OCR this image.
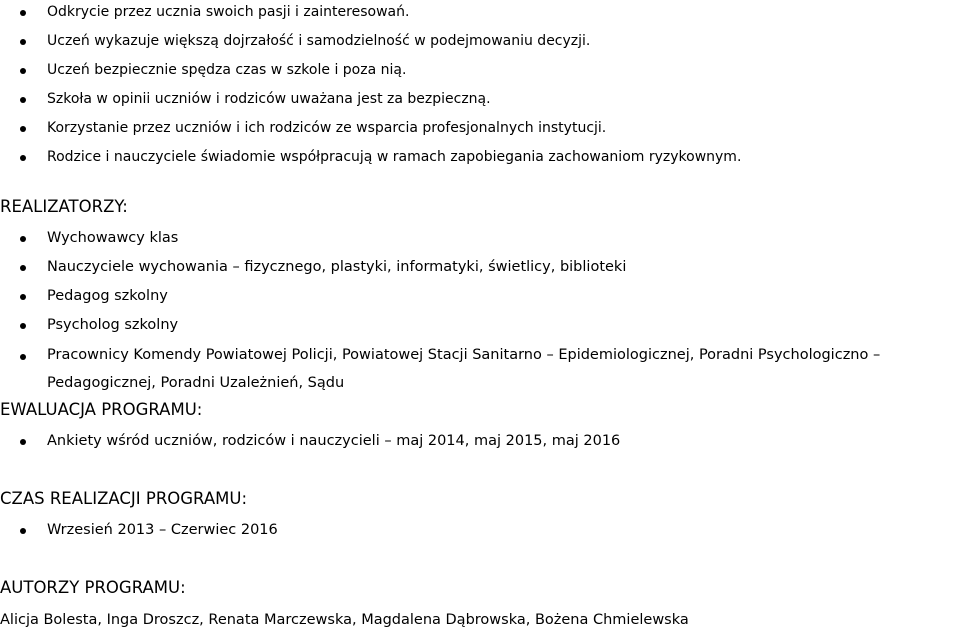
Odkrycie przez ucznia swoich pasji i zainteresowań.
Uczeń wykazuje większą dojrzałość i samodzielność w podejmowaniu decyzji.
Uczeń bezpiecznie spędza czas w szkole i poza nią.
Szkoła w opinii uczniów i rodziców uważana jest za bezpieczną.
Korzystanie przez uczniów i ich rodziców ze wsparcia profesjonalnych instytucji.
Rodzice i nauczyciele świadomie współpracują w ramach zapobiegania zachowaniom ryzykownym.
REALIZATORZY:
Wychowawcy klas
Nauczyciele wychowania – fizycznego, plastyki, informatyki, świetlicy, biblioteki
Pedagog szkolny
Psycholog szkolny
Pracownicy Komendy Powiatowej Policji, Powiatowej Stacji Sanitarno – Epidemiologicznej, Poradni Psychologiczno – Pedagogicznej, Poradni Uzależnień, Sądu
EWALUACJA PROGRAMU:
Ankiety wśród uczniów, rodziców i nauczycieli – maj 2014, maj 2015, maj 2016
CZAS REALIZACJI PROGRAMU:
Wrzesień 2013 – Czerwiec 2016
AUTORZY PROGRAMU:
Alicja Bolesta, Inga Droszcz, Renata Marczewska, Magdalena Dąbrowska, Bożena Chmielewska
